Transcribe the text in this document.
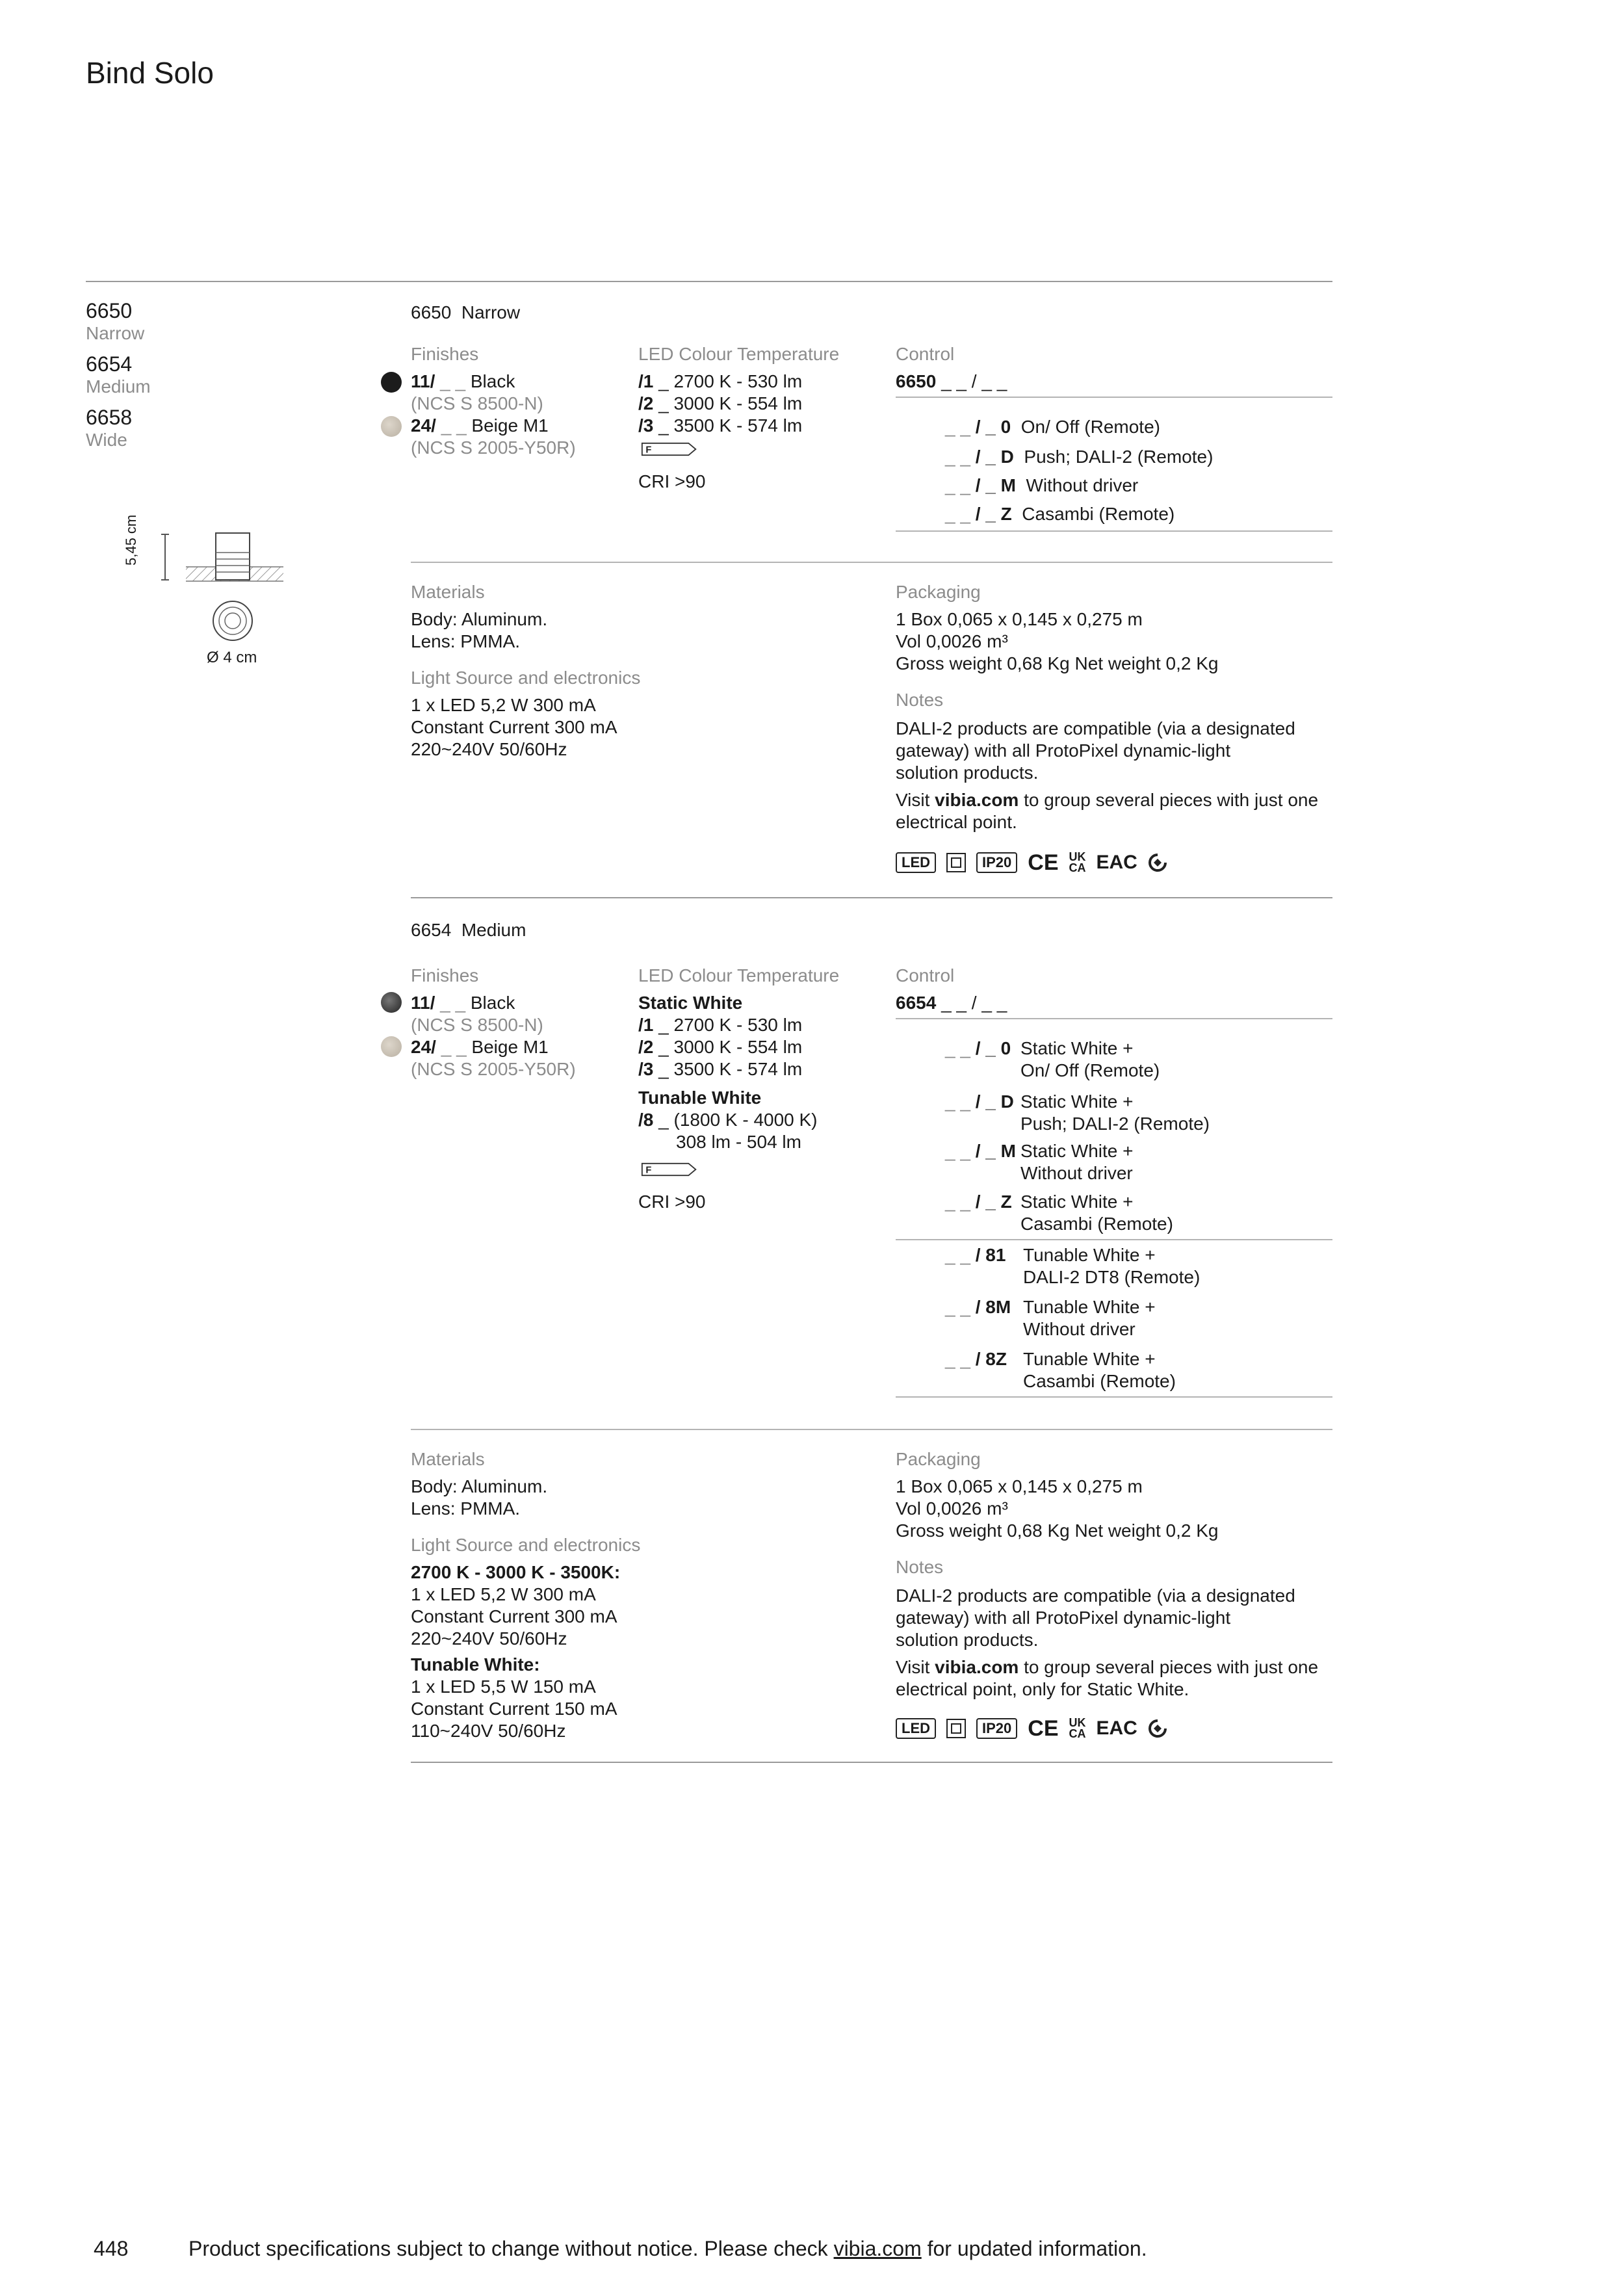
Bind Solo
6650
Narrow
6654
Medium
6658
Wide
5,45 cm
Ø 4 cm
6650 Narrow
Finishes
11/ _ _ Black
(NCS S 8500-N)
24/ _ _ Beige M1
(NCS S 2005-Y50R)
LED Colour Temperature
/1 _ 2700 K - 530 lm
/2 _ 3000 K - 554 lm
/3 _ 3500 K - 574 lm
F
CRI >90
Control
6650 _ _ / _ _
_ _ / _ 0 On/ Off (Remote)
_ _ / _ D Push; DALI-2 (Remote)
_ _ / _ M Without driver
_ _ / _ Z Casambi (Remote)
Materials
Body: Aluminum.
Lens: PMMA.
Light Source and electronics
1 x LED 5,2 W 300 mA
Constant Current 300 mA
220~240V 50/60Hz
Packaging
1 Box 0,065 x 0,145 x 0,275 m
Vol 0,0026 m³
Gross weight 0,68 Kg Net weight 0,2 Kg
Notes
DALI-2 products are compatible (via a designated
gateway) with all ProtoPixel dynamic-light
solution products.
Visit vibia.com to group several pieces with just one
electrical point.
LED	IP20 CE UK
CA EAC
6654 Medium
Finishes
11/ _ _ Black
(NCS S 8500-N)
24/ _ _ Beige M1
(NCS S 2005-Y50R)
LED Colour Temperature
Static White
/1 _ 2700 K - 530 lm
/2 _ 3000 K - 554 lm
/3 _ 3500 K - 574 lm
Tunable White
/8 _ (1800 K - 4000 K)
308 lm - 504 lm
F
CRI >90
Control
6654 _ _ / _ _
_ _ / _ 0 Static White +
On/ Off (Remote)
_ _ / _ D Static White +
Push; DALI-2 (Remote)
_ _ / _ M Static White +
Without driver
_ _ / _ Z Static White +
Casambi (Remote)
_ _ / 81 Tunable White +
DALI-2 DT8 (Remote)
_ _ / 8M Tunable White +
Without driver
_ _ / 8Z Tunable White +
Casambi (Remote)
Materials
Body: Aluminum.
Lens: PMMA.
Light Source and electronics
2700 K - 3000 K - 3500K:
1 x LED 5,2 W 300 mA
Constant Current 300 mA
220~240V 50/60Hz
Tunable White:
1 x LED 5,5 W 150 mA
Constant Current 150 mA
110~240V 50/60Hz
Packaging
1 Box 0,065 x 0,145 x 0,275 m
Vol 0,0026 m³
Gross weight 0,68 Kg Net weight 0,2 Kg
Notes
DALI-2 products are compatible (via a designated
gateway) with all ProtoPixel dynamic-light
solution products.
Visit vibia.com to group several pieces with just one
electrical point, only for Static White.
LED	IP20 CE UK
CA EAC
448	Product specifications subject to change without notice. Please check vibia.com for updated information.
